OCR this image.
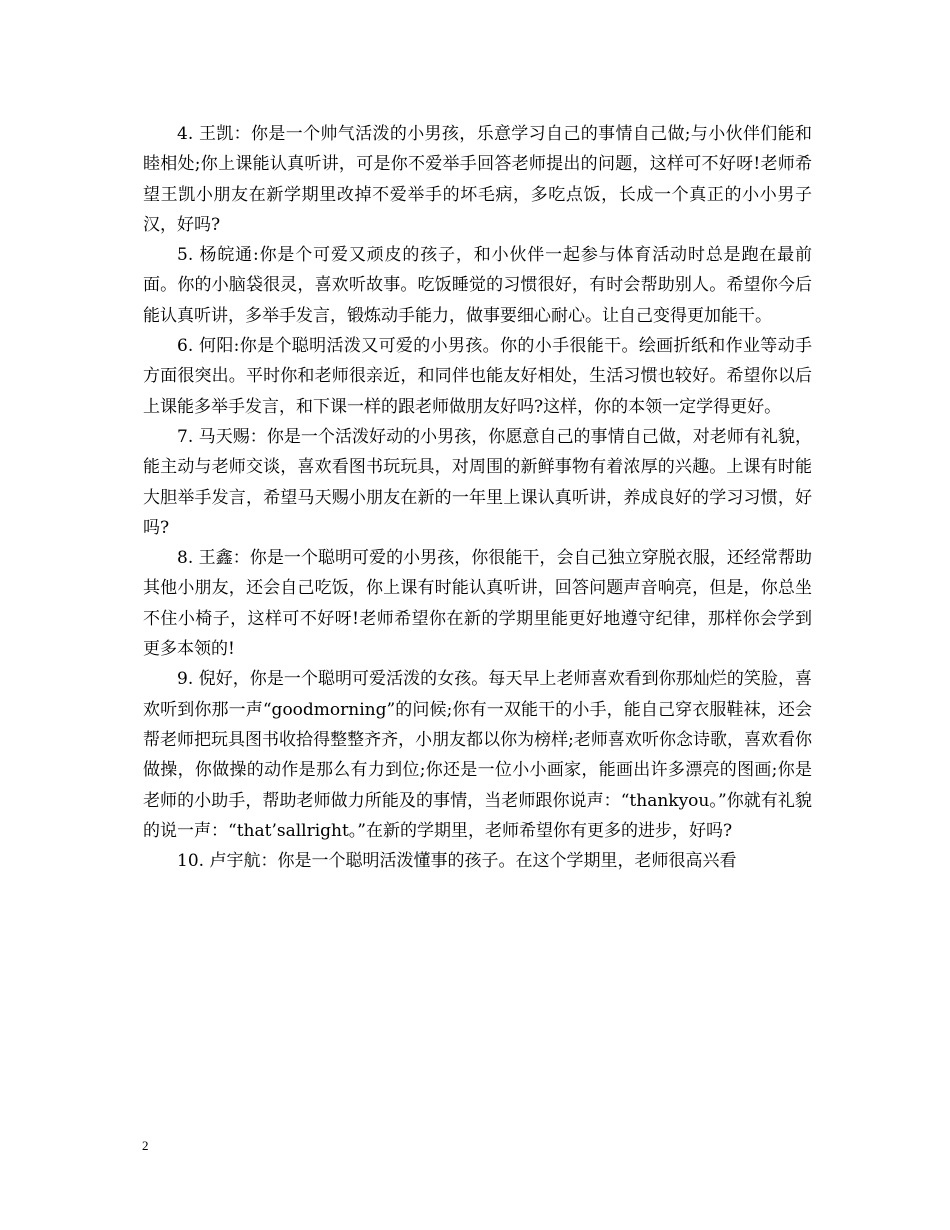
4. 王凯：你是一个帅气活泼的小男孩，乐意学习自己的事情自己做;与小伙伴们能和睦相处;你上课能认真听讲，可是你不爱举手回答老师提出的问题，这样可不好呀!老师希望王凯小朋友在新学期里改掉不爱举手的坏毛病，多吃点饭，长成一个真正的小小男子汉，好吗?

5. 杨皖通:你是个可爱又顽皮的孩子，和小伙伴一起参与体育活动时总是跑在最前面。你的小脑袋很灵，喜欢听故事。吃饭睡觉的习惯很好，有时会帮助别人。希望你今后能认真听讲，多举手发言，锻炼动手能力，做事要细心耐心。让自己变得更加能干。

6. 何阳:你是个聪明活泼又可爱的小男孩。你的小手很能干。绘画折纸和作业等动手方面很突出。平时你和老师很亲近，和同伴也能友好相处，生活习惯也较好。希望你以后上课能多举手发言，和下课一样的跟老师做朋友好吗?这样，你的本领一定学得更好。

7. 马天赐：你是一个活泼好动的小男孩，你愿意自己的事情自己做，对老师有礼貌，能主动与老师交谈，喜欢看图书玩玩具，对周围的新鲜事物有着浓厚的兴趣。上课有时能大胆举手发言，希望马天赐小朋友在新的一年里上课认真听讲，养成良好的学习习惯，好吗?

8. 王鑫：你是一个聪明可爱的小男孩，你很能干，会自己独立穿脱衣服，还经常帮助其他小朋友，还会自己吃饭，你上课有时能认真听讲，回答问题声音响亮，但是，你总坐不住小椅子，这样可不好呀!老师希望你在新的学期里能更好地遵守纪律，那样你会学到更多本领的!

9. 倪好，你是一个聪明可爱活泼的女孩。每天早上老师喜欢看到你那灿烂的笑脸，喜欢听到你那一声“goodmorning”的问候;你有一双能干的小手，能自己穿衣服鞋袜，还会帮老师把玩具图书收拾得整整齐齐，小朋友都以你为榜样;老师喜欢听你念诗歌，喜欢看你做操，你做操的动作是那么有力到位;你还是一位小小画家，能画出许多漂亮的图画;你是老师的小助手，帮助老师做力所能及的事情，当老师跟你说声：“thankyou。”你就有礼貌的说一声：“that’sallright。”在新的学期里，老师希望你有更多的进步，好吗?

10. 卢宇航：你是一个聪明活泼懂事的孩子。在这个学期里，老师很高兴看

2
